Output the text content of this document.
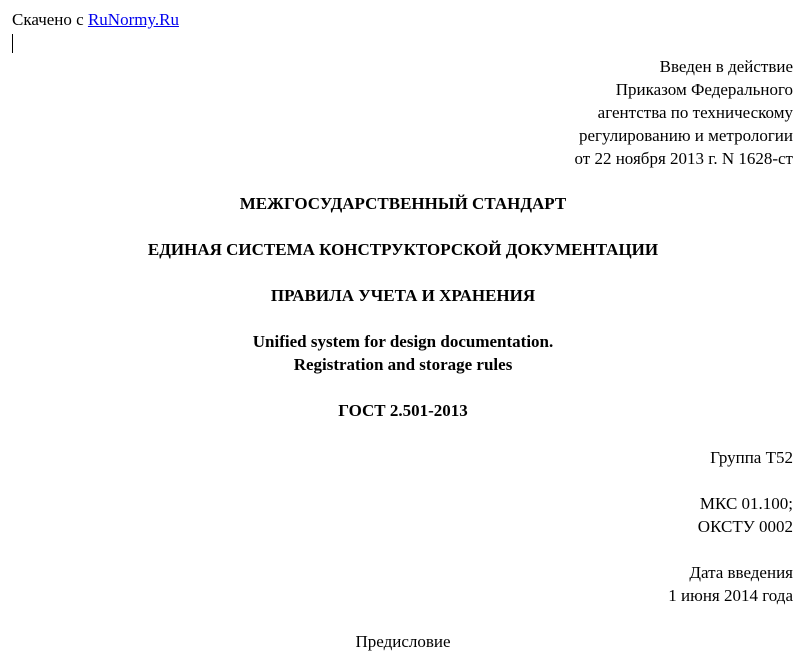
Скачено с RuNormy.Ru
Введен в действие
Приказом Федерального
агентства по техническому
регулированию и метрологии
от 22 ноября 2013 г. N 1628-ст
МЕЖГОСУДАРСТВЕННЫЙ СТАНДАРТ
ЕДИНАЯ СИСТЕМА КОНСТРУКТОРСКОЙ ДОКУМЕНТАЦИИ
ПРАВИЛА УЧЕТА И ХРАНЕНИЯ
Unified system for design documentation.
Registration and storage rules
ГОСТ 2.501-2013
Группа Т52
МКС 01.100;
ОКСТУ 0002
Дата введения
1 июня 2014 года
Предисловие
